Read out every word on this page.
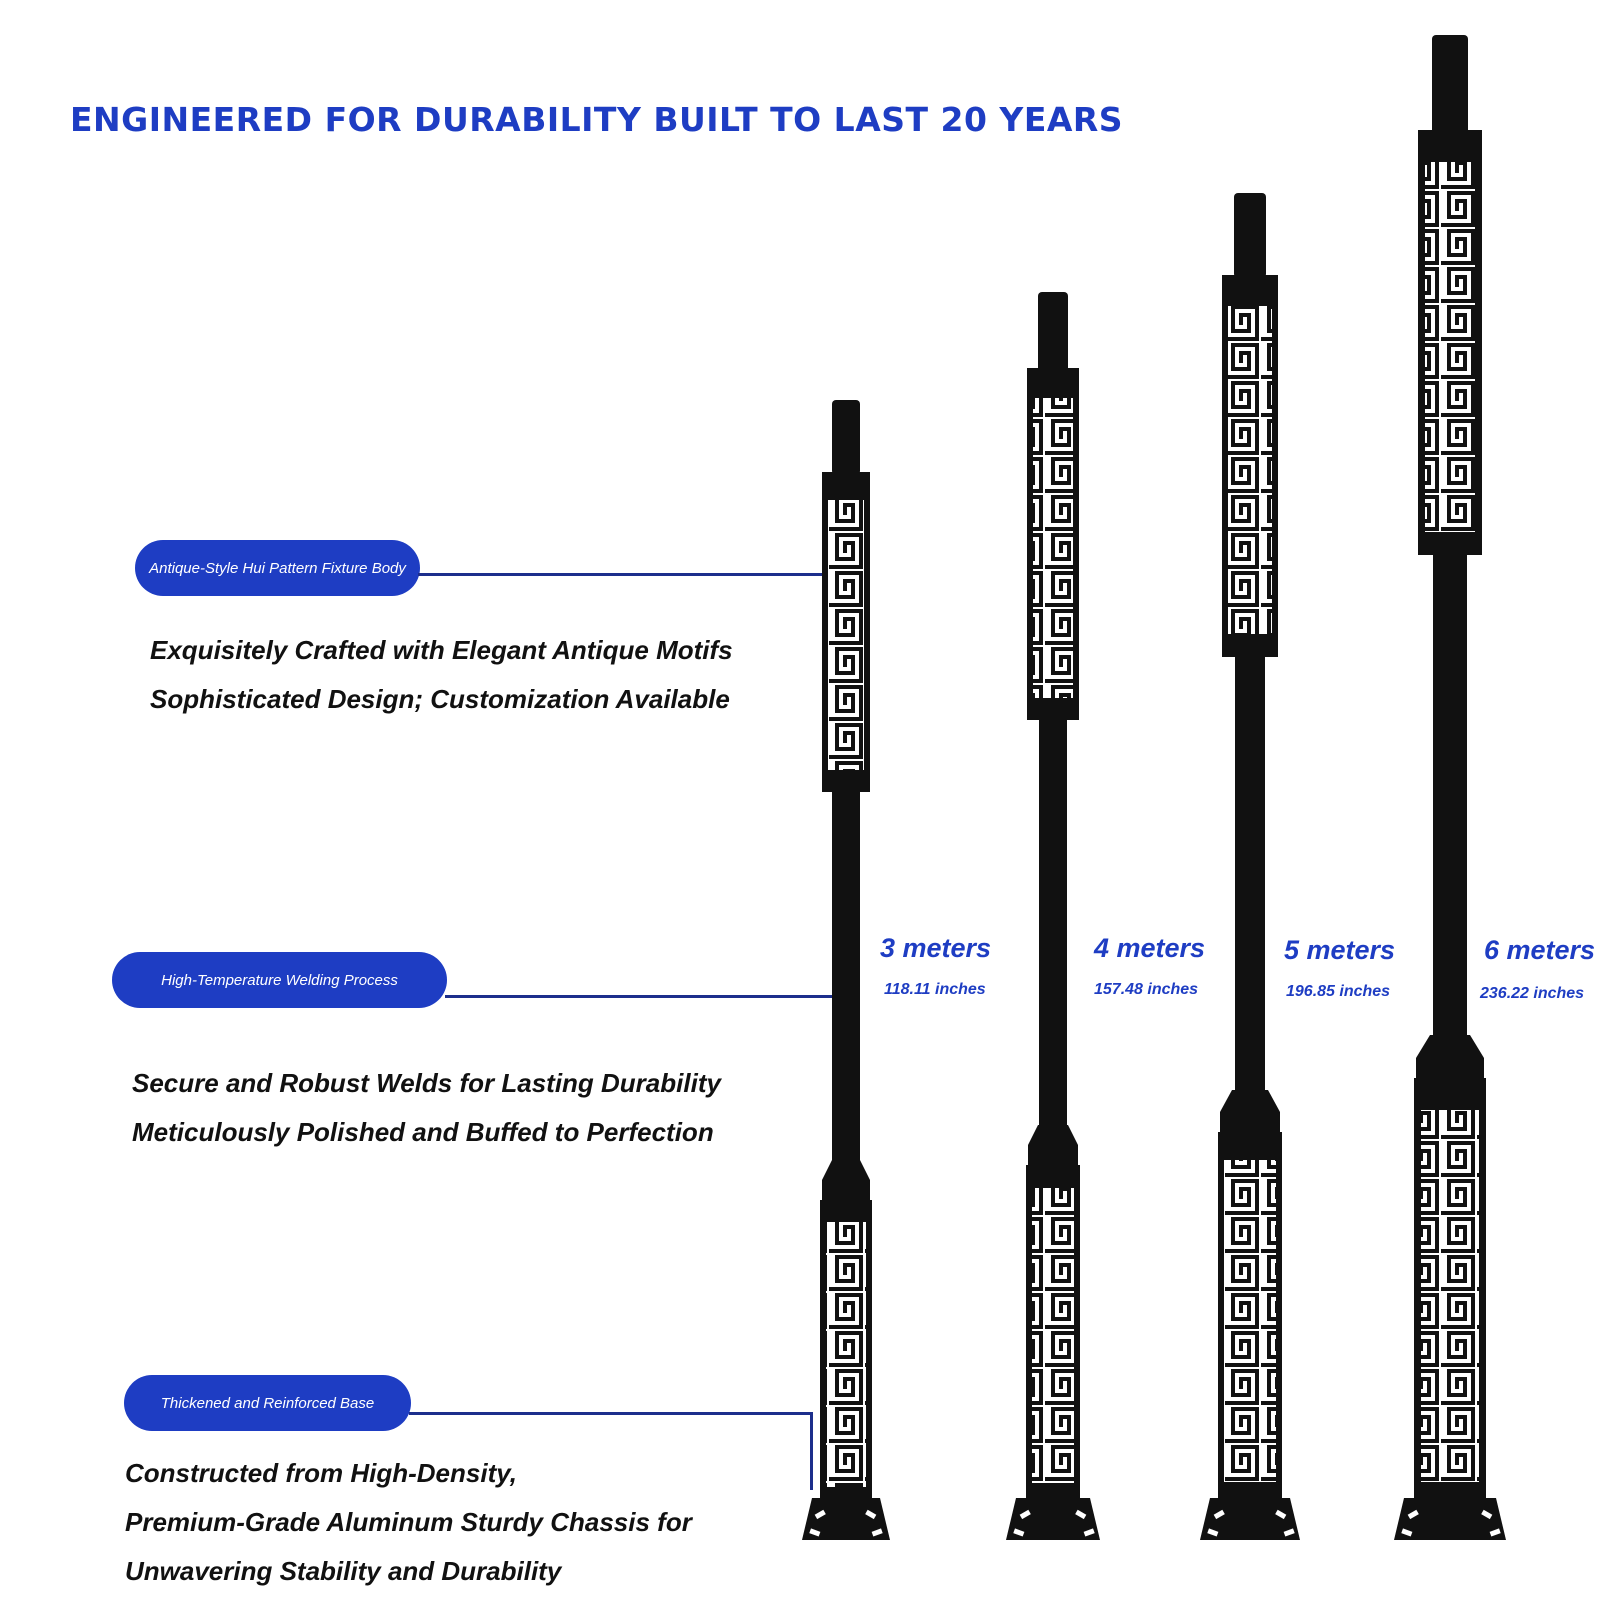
ENGINEERED FOR DURABILITY BUILT TO LAST 20 YEARS
Antique-Style Hui Pattern Fixture Body
Exquisitely Crafted with Elegant Antique Motifs
Sophisticated Design; Customization Available
High-Temperature Welding Process
Secure and Robust Welds for Lasting Durability
Meticulously Polished and Buffed to Perfection
Thickened and Reinforced Base
Constructed from High-Density,
Premium-Grade Aluminum Sturdy Chassis for
Unwavering Stability and Durability
3 meters
118.11 inches
4 meters
157.48 inches
5 meters
196.85 inches
6 meters
236.22 inches
